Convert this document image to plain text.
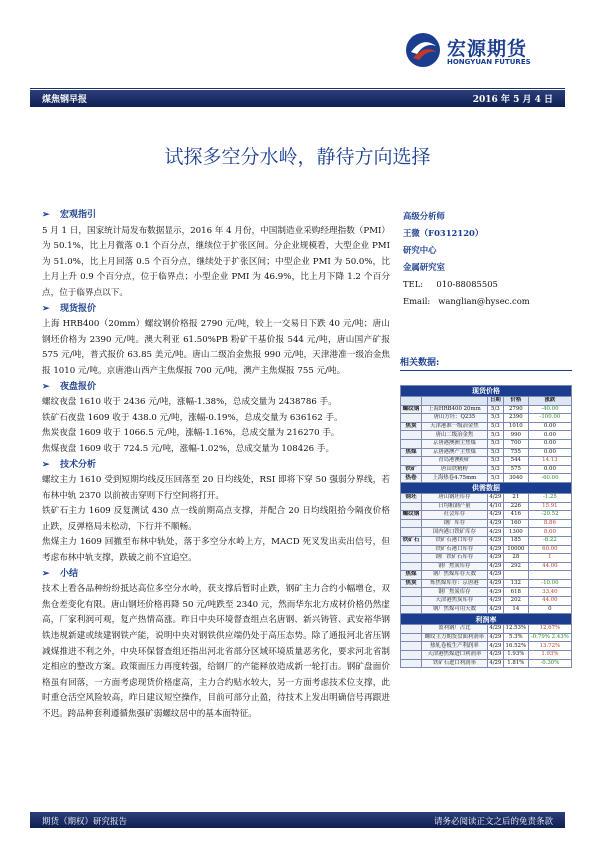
宏源期货
HONGYUAN FUTURES
煤焦钢早报	2016 年 5 月 4 日
试探多空分水岭，静待方向选择
➢ 宏观指引
5 月 1 日，国家统计局发布数据显示，2016 年 4 月份，中国制造业采购经理指数（PMI）为 50.1%，比上月微落 0.1 个百分点，继续位于扩张区间。分企业规模看，大型企业 PMI 为 51.0%，比上月回落 0.5 个百分点，继续处于扩张区间；中型企业 PMI 为 50.0%，比上月上升 0.9 个百分点，位于临界点；小型企业 PMI 为 46.9%，比上月下降 1.2 个百分点，位于临界点以下。
➢ 现货报价
上海 HRB400（20mm）螺纹钢价格报 2790 元/吨，较上一交易日下跌 40 元/吨；唐山钢坯价格为 2390 元/吨。澳大利亚 61.50%PB 粉矿干基价报 544 元/吨，唐山国产矿报 575 元/吨，普式报价 63.85 美元/吨。唐山二级冶金焦报 990 元/吨，天津港准一级冶金焦报 1010 元/吨。京唐港山西产主焦煤报 700 元/吨，澳产主焦煤报 755 元/吨。
➢ 夜盘报价
螺纹夜盘 1610 收于 2436 元/吨，涨幅-1.38%，总成交量为 2438786 手。
铁矿石夜盘 1609 收于 438.0 元/吨，涨幅-0.19%，总成交量为 636162 手。
焦炭夜盘 1609 收于 1066.5 元/吨，涨幅-1.16%，总成交量为 216270 手。
焦煤夜盘 1609 收于 724.5 元/吨，涨幅-1.02%，总成交量为 108426 手。
➢ 技术分析
螺纹主力 1610 受到短期均线反压回落至 20 日均线处，RSI 即将下穿 50 强弱分界线，若布林中轨 2370 以前被击穿则下行空间将打开。
铁矿石主力 1609 反复测试 430 点一线前期高点支撑，并配合 20 日均线阻拾今隔夜价格止跌，反弹格局未松动，下行并不顺畅。
焦煤主力 1609 回撤至布林中轨处，落于多空分水岭上方，MACD 死叉发出卖出信号，但考虑布林中轨支撑，跌破之前不宜追空。
➢ 小结
技术上看各品种纷纷抵达高位多空分水岭，获支撑后暂时止跌，钢矿主力合约小幅增仓，双焦仓差变化有限。唐山钢坯价格再降 50 元/吨跌至 2340 元，然而华东北方成材价格仍然虚高，厂家利润可观，复产热情高涨。昨日中央环境督查组点名唐钢、新兴铸管、武安裕华钢铁违规新建或续建钢铁产能，说明中央对钢铁供应端仍处于高压态势。除了通报河北省压钢减煤推进不利之外，中央环保督查组还指出河北省部分区域环境质量恶劣化，要求河北省制定相应的整改方案。政策面压力再度转强，给钢厂的产能释放造成新一轮打击。钢矿盘面价格虽有回落，一方面考虑现货价格虚高，主力合约贴水较大，另一方面考虑技术位支撑，此时重仓活空风险较高，昨日建议短空操作，目前可部分止盈，待技术上发出明确信号再跟进不迟。跨品种套利遵循焦强矿弱螺纹居中的基本面特征。
高级分析师
王微（F0312120）
研究中心
金属研究室
TEL: 010-88085505
Email: wanglian@hysec.com
相关数据:
现货价格				
		日期	价格	涨跌
螺纹钢	上海HRB400 20mm	5/3	2790	-40.00
	唐山方坯：Q235	5/3	2390	-100.00
焦炭	天津港准一级冶金焦	5/3	1010	0.00
	唐山二级冶金焦	5/3	990	0.00
	京唐港澳洲主焦煤	5/3	700	0.00
焦煤	京唐港澳产主焦煤	5/3	755	0.00
	青岛港澳粉矿	5/3	544	14.13
铁矿	唐山铁精粉	5/3	575	0.00
热卷	上海热卷4.75mm	5/3	3040	-60.00
供需数据				
钢坯	唐山钢坯库存	4/29	21	-1.25
	日均粗钢产量	4/10	226	15.91
螺纹钢	社会库存	4/29	416	-20.52
	钢厂库存	4/29	160	8.86
	国内港口铁矿库存	4/29	1300	8.00
铁矿石	铁矿石港口库存	4/29	185	-8.22
	铁矿石港口库存	4/29	10000	60.00
	钢厂铁矿石库存	4/29	28	1
	钢厂焦炭库存	4/29	292	44.00
焦煤	钢厂焦煤库存天数	4/29		
焦炭	炼焦煤库存：京唐港	4/29	132	-10.00
	钢厂焦炭库存	4/29	618	33.40
	天津港焦炭库存	4/29	202	44.00
	钢厂焦煤可用天数	4/29	14	0
利润率				
	盈利钢厂占比	4/29	12.53%	12.67%
	螺纹主力期货盘面利润率	4/29	5.3%	-0.79% 2.43%
	热轧卷板生产利润率	4/29	16.52%	13.72%
	天津港焦煤进口利润率	4/29	1.93%	1.93%
	铁矿石进口利润率	4/29	1.81%	-0.30%
期货（期权）研究报告	请务必阅读正文之后的免责条款
